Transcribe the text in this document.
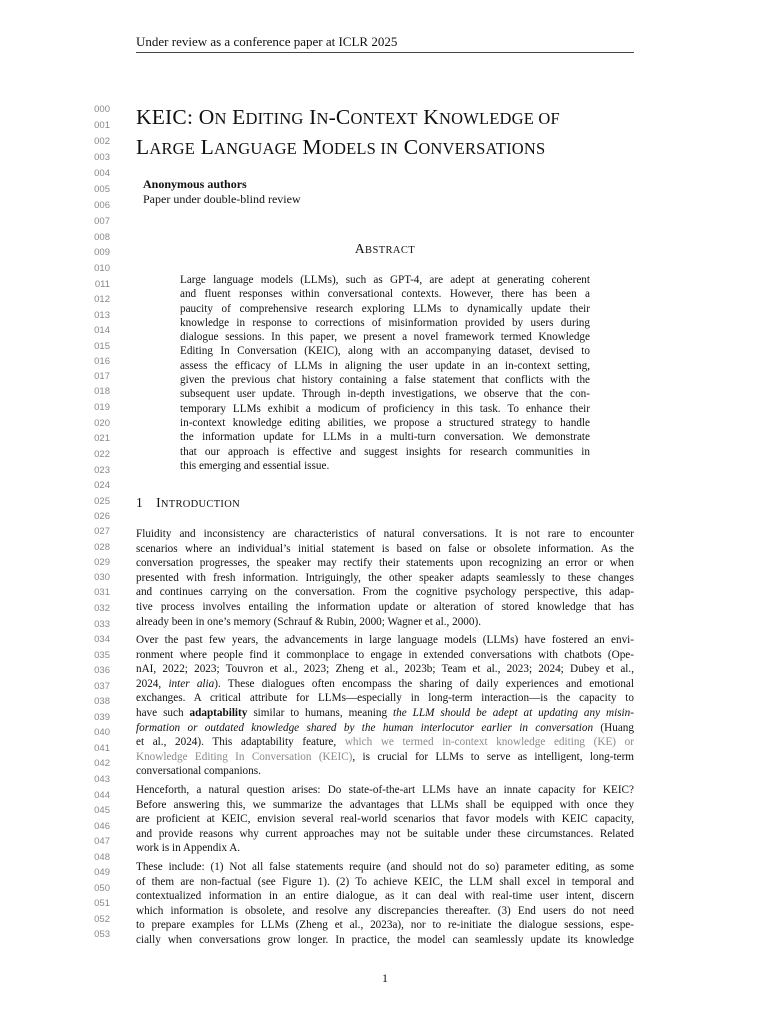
Under review as a conference paper at ICLR 2025
000
001
002
003
004
005
006
007
008
009
010
011
012
013
014
015
016
017
018
019
020
021
022
023
024
025
026
027
028
029
030
031
032
033
034
035
036
037
038
039
040
041
042
043
044
045
046
047
048
049
050
051
052
053
KEIC: ON EDITING IN-CONTEXT KNOWLEDGE OF
LARGE LANGUAGE MODELS IN CONVERSATIONS
Anonymous authors
Paper under double-blind review
ABSTRACT
Large language models (LLMs), such as GPT-4, are adept at generating coherent
and fluent responses within conversational contexts. However, there has been a
paucity of comprehensive research exploring LLMs to dynamically update their
knowledge in response to corrections of misinformation provided by users during
dialogue sessions. In this paper, we present a novel framework termed Knowledge
Editing In Conversation (KEIC), along with an accompanying dataset, devised to
assess the efficacy of LLMs in aligning the user update in an in-context setting,
given the previous chat history containing a false statement that conflicts with the
subsequent user update. Through in-depth investigations, we observe that the con-
temporary LLMs exhibit a modicum of proficiency in this task. To enhance their
in-context knowledge editing abilities, we propose a structured strategy to handle
the information update for LLMs in a multi-turn conversation. We demonstrate
that our approach is effective and suggest insights for research communities in
this emerging and essential issue.
1 INTRODUCTION
Fluidity and inconsistency are characteristics of natural conversations. It is not rare to encounter
scenarios where an individual’s initial statement is based on false or obsolete information. As the
conversation progresses, the speaker may rectify their statements upon recognizing an error or when
presented with fresh information. Intriguingly, the other speaker adapts seamlessly to these changes
and continues carrying on the conversation. From the cognitive psychology perspective, this adap-
tive process involves entailing the information update or alteration of stored knowledge that has
already been in one’s memory (Schrauf & Rubin, 2000; Wagner et al., 2000).
Over the past few years, the advancements in large language models (LLMs) have fostered an envi-
ronment where people find it commonplace to engage in extended conversations with chatbots (Ope-
nAI, 2022; 2023; Touvron et al., 2023; Zheng et al., 2023b; Team et al., 2023; 2024; Dubey et al.,
2024, inter alia). These dialogues often encompass the sharing of daily experiences and emotional
exchanges. A critical attribute for LLMs—especially in long-term interaction—is the capacity to
have such adaptability similar to humans, meaning the LLM should be adept at updating any misin-
formation or outdated knowledge shared by the human interlocutor earlier in conversation (Huang
et al., 2024). This adaptability feature, which we termed in-context knowledge editing (KE) or
Knowledge Editing In Conversation (KEIC), is crucial for LLMs to serve as intelligent, long-term
conversational companions.
Henceforth, a natural question arises: Do state-of-the-art LLMs have an innate capacity for KEIC?
Before answering this, we summarize the advantages that LLMs shall be equipped with once they
are proficient at KEIC, envision several real-world scenarios that favor models with KEIC capacity,
and provide reasons why current approaches may not be suitable under these circumstances. Related
work is in Appendix A.
These include: (1) Not all false statements require (and should not do so) parameter editing, as some
of them are non-factual (see Figure 1). (2) To achieve KEIC, the LLM shall excel in temporal and
contextualized information in an entire dialogue, as it can deal with real-time user intent, discern
which information is obsolete, and resolve any discrepancies thereafter. (3) End users do not need
to prepare examples for LLMs (Zheng et al., 2023a), nor to re-initiate the dialogue sessions, espe-
cially when conversations grow longer. In practice, the model can seamlessly update its knowledge
1
